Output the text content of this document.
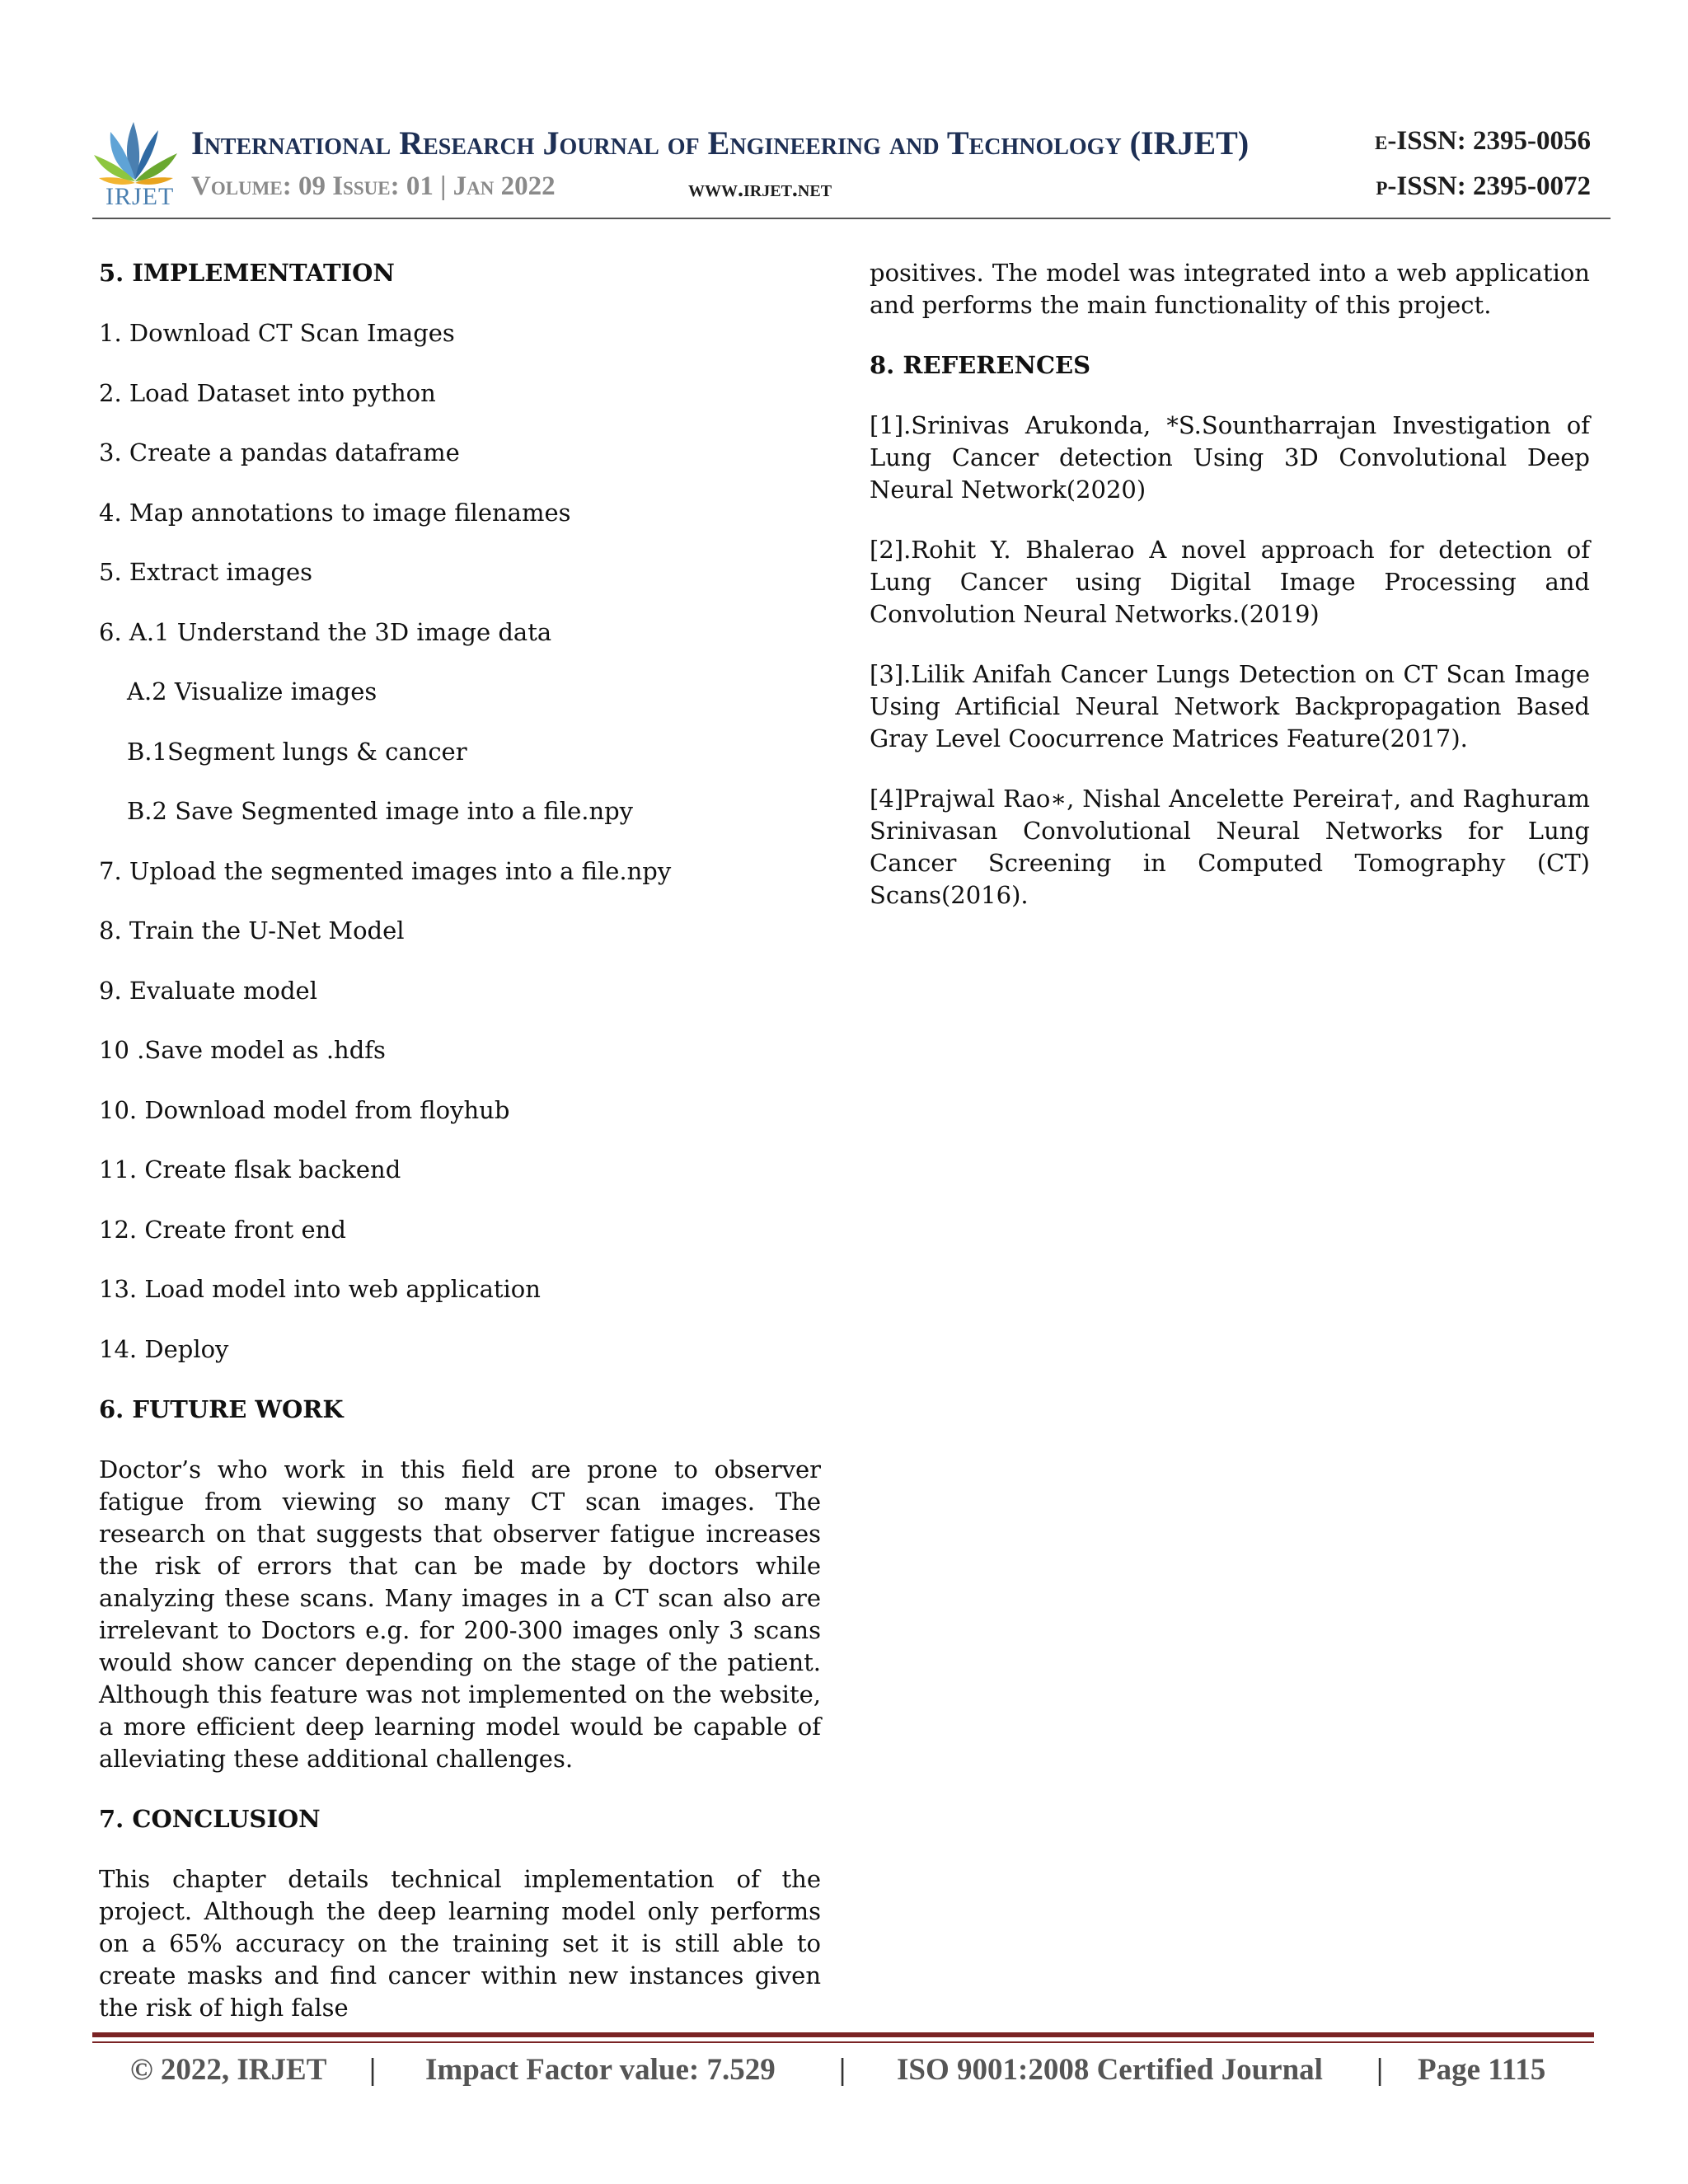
IRJET
International Research Journal of Engineering and Technology (IRJET)
Volume: 09 Issue: 01 | Jan 2022	www.irjet.net
e-ISSN: 2395-0056
p-ISSN: 2395-0072
5. IMPLEMENTATION
1. Download CT Scan Images
2. Load Dataset into python
3. Create a pandas dataframe
4. Map annotations to image filenames
5. Extract images
6. A.1 Understand the 3D image data
A.2 Visualize images
B.1Segment lungs & cancer
B.2 Save Segmented image into a file.npy
7. Upload the segmented images into a file.npy
8. Train the U-Net Model
9. Evaluate model
10 .Save model as .hdfs
10. Download model from floyhub
11. Create flsak backend
12. Create front end
13. Load model into web application
14. Deploy
6. FUTURE WORK

Doctor’s who work in this field are prone to observer fatigue from viewing so many CT scan images. The research on that suggests that observer fatigue increases the risk of errors that can be made by doctors while analyzing these scans. Many images in a CT scan also are irrelevant to Doctors e.g. for 200-300 images only 3 scans would show cancer depending on the stage of the patient. Although this feature was not implemented on the website, a more efficient deep learning model would be capable of alleviating these additional challenges.

7. CONCLUSION

This chapter details technical implementation of the project. Although the deep learning model only performs on a 65% accuracy on the training set it is still able to create masks and find cancer within new instances given the risk of high false

positives. The model was integrated into a web application and performs the main functionality of this project.

8. REFERENCES

[1].Srinivas Arukonda, *S.Sountharrajan Investigation of Lung Cancer detection Using 3D Convolutional Deep Neural Network(2020)

[2].Rohit Y. Bhalerao A novel approach for detection of Lung Cancer using Digital Image Processing and Convolution Neural Networks.(2019)

[3].Lilik Anifah Cancer Lungs Detection on CT Scan Image Using Artificial Neural Network Backpropagation Based Gray Level Coocurrence Matrices Feature(2017).

[4]Prajwal Rao∗, Nishal Ancelette Pereira†, and Raghuram Srinivasan Convolutional Neural Networks for Lung Cancer Screening in Computed Tomography (CT) Scans(2016).

© 2022, IRJET | Impact Factor value: 7.529 | ISO 9001:2008 Certified Journal | Page 1115
